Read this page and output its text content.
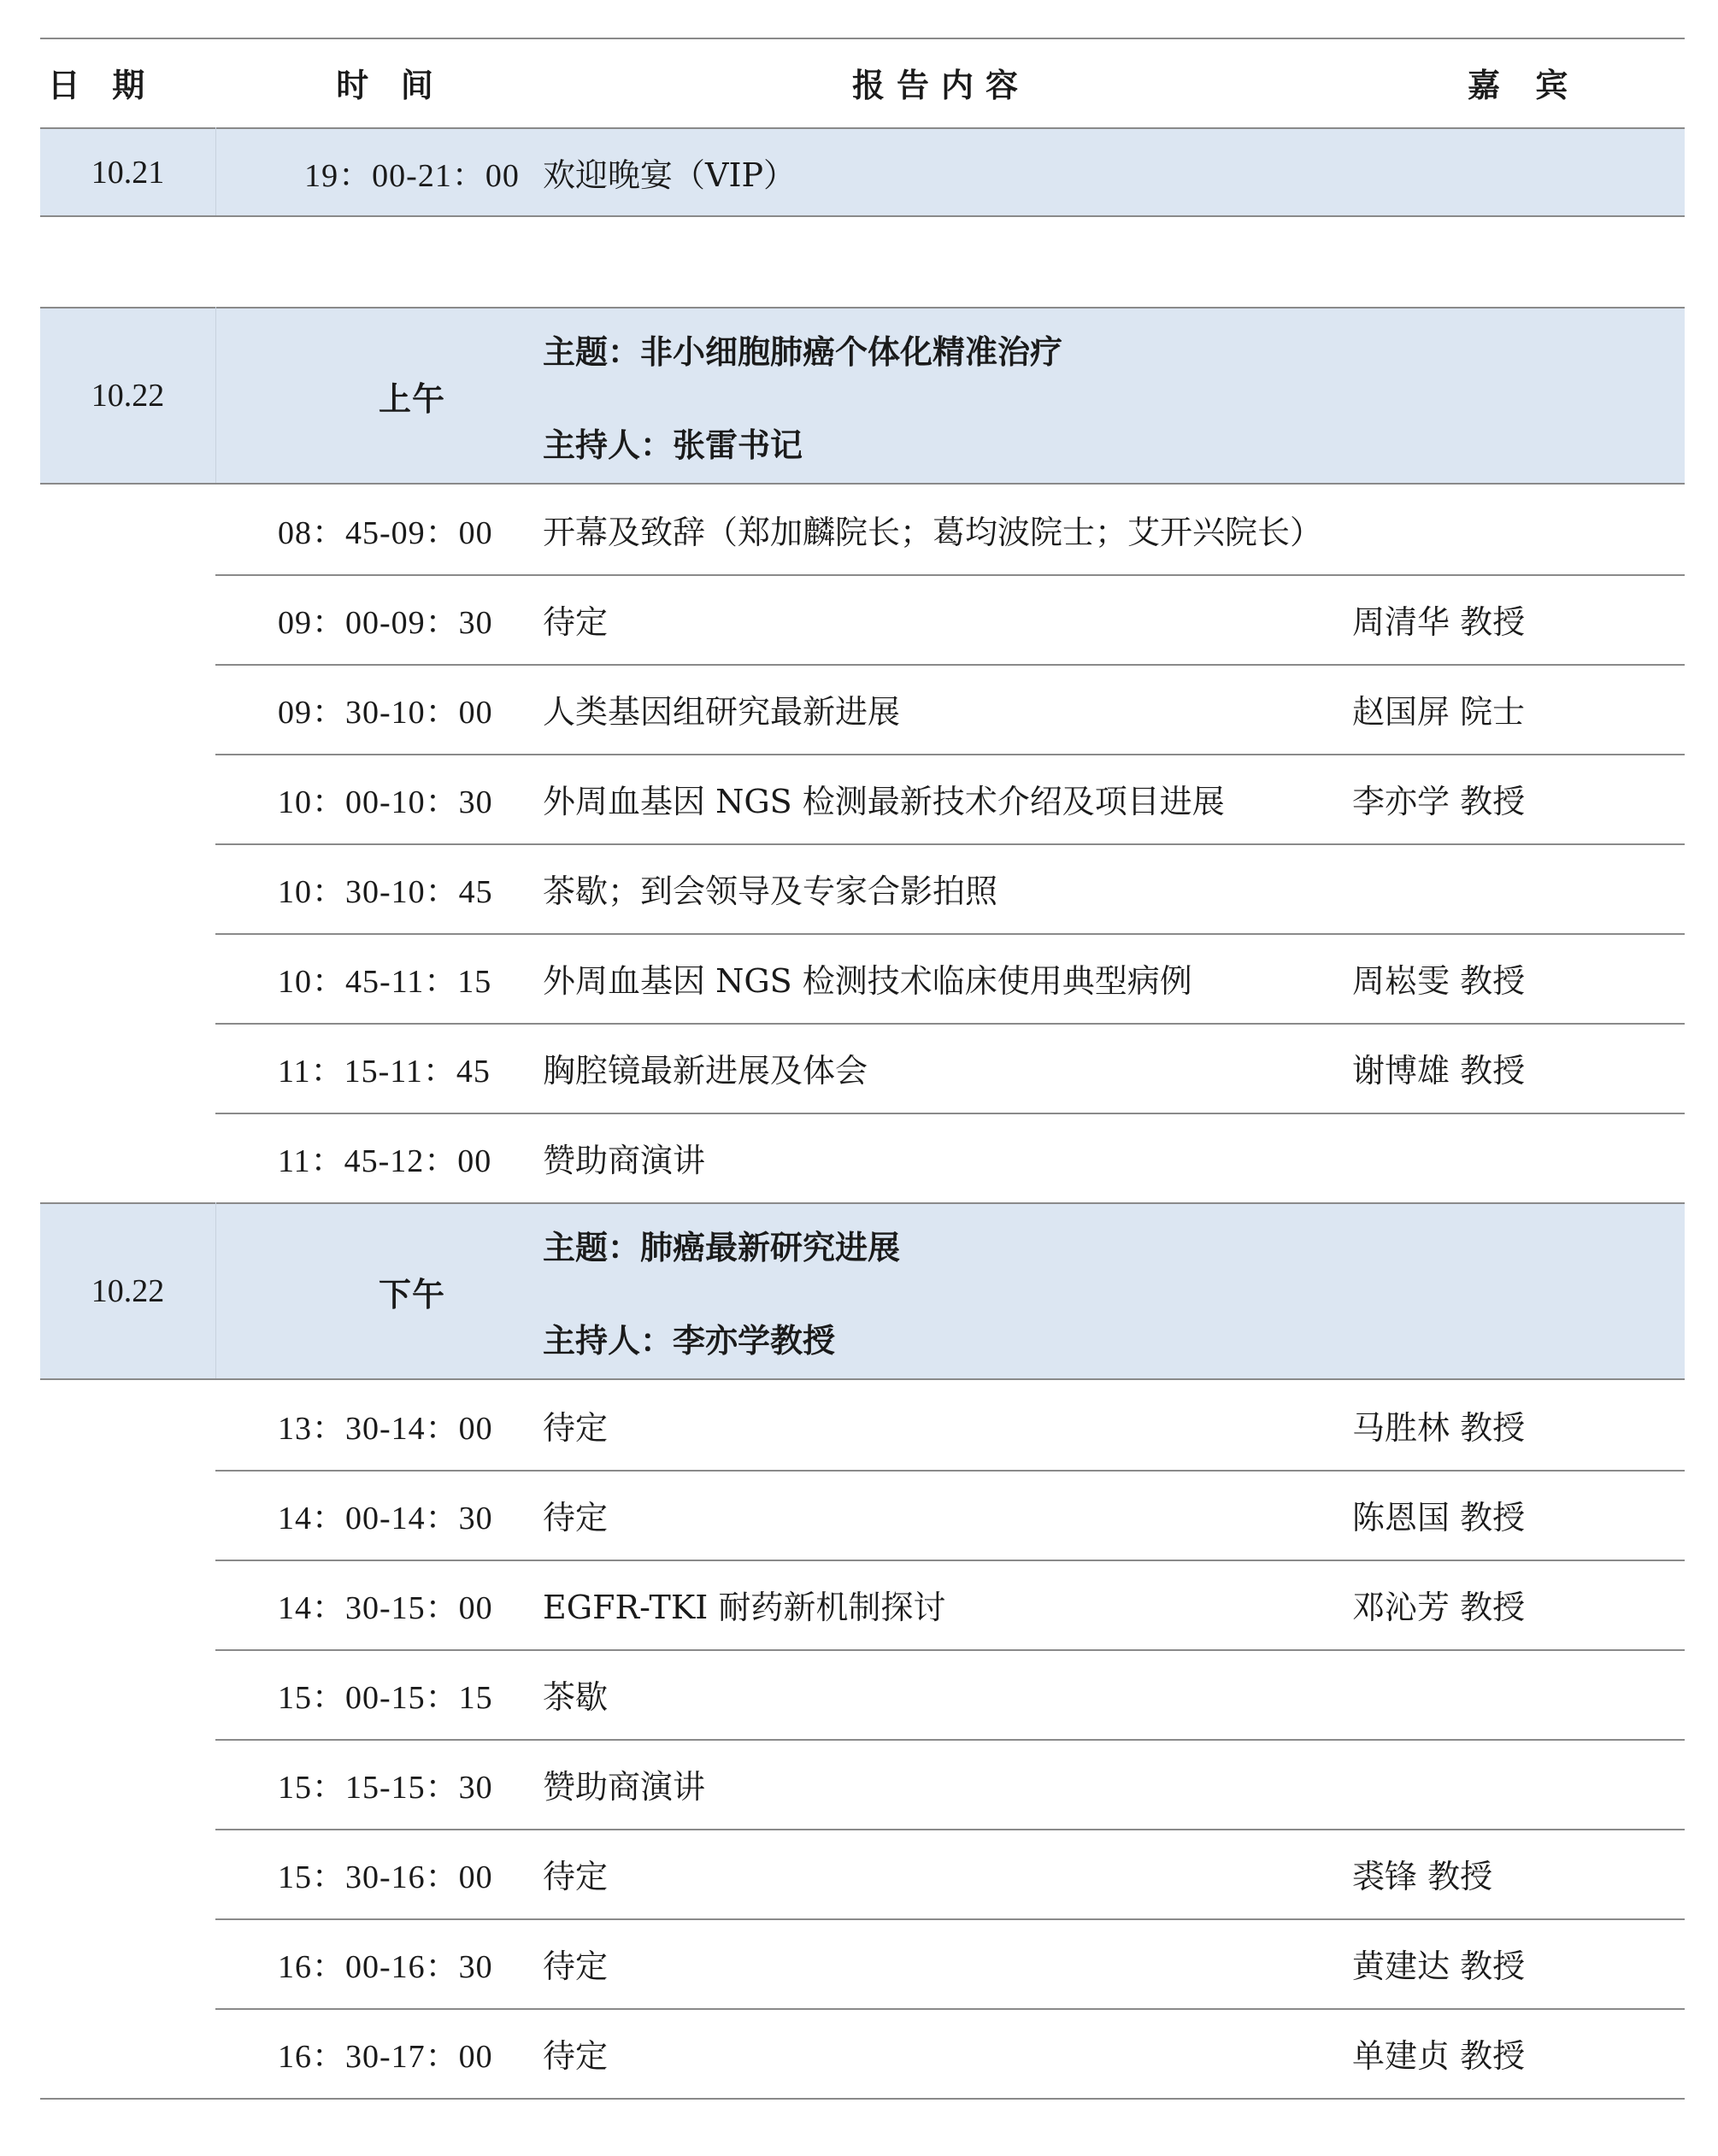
日 期	时 间	报告内容	嘉 宾
10.21	19：00-21：00 欢迎晚宴（VIP）
10.22	上午
主题：非小细胞肺癌个体化精准治疗
主持人：张雷书记
08：45-09：00	开幕及致辞（郑加麟院长；葛均波院士；艾开兴院长）
09：00-09：30	待定	周清华 教授
09：30-10：00	人类基因组研究最新进展	赵国屏 院士
10：00-10：30	外周血基因 NGS 检测最新技术介绍及项目进展	李亦学 教授
10：30-10：45	茶歇；到会领导及专家合影拍照
10：45-11：15	外周血基因 NGS 检测技术临床使用典型病例	周崧雯 教授
11：15-11：45	胸腔镜最新进展及体会	谢博雄 教授
11：45-12：00	赞助商演讲
10.22	下午
主题：肺癌最新研究进展
主持人：李亦学教授
13：30-14：00	待定	马胜林 教授
14：00-14：30	待定	陈恩国 教授
14：30-15：00	EGFR-TKI 耐药新机制探讨	邓沁芳 教授
15：00-15：15	茶歇
15：15-15：30	赞助商演讲
15：30-16：00	待定	裘锋 教授
16：00-16：30	待定	黄建达 教授
16：30-17：00	待定	单建贞 教授
